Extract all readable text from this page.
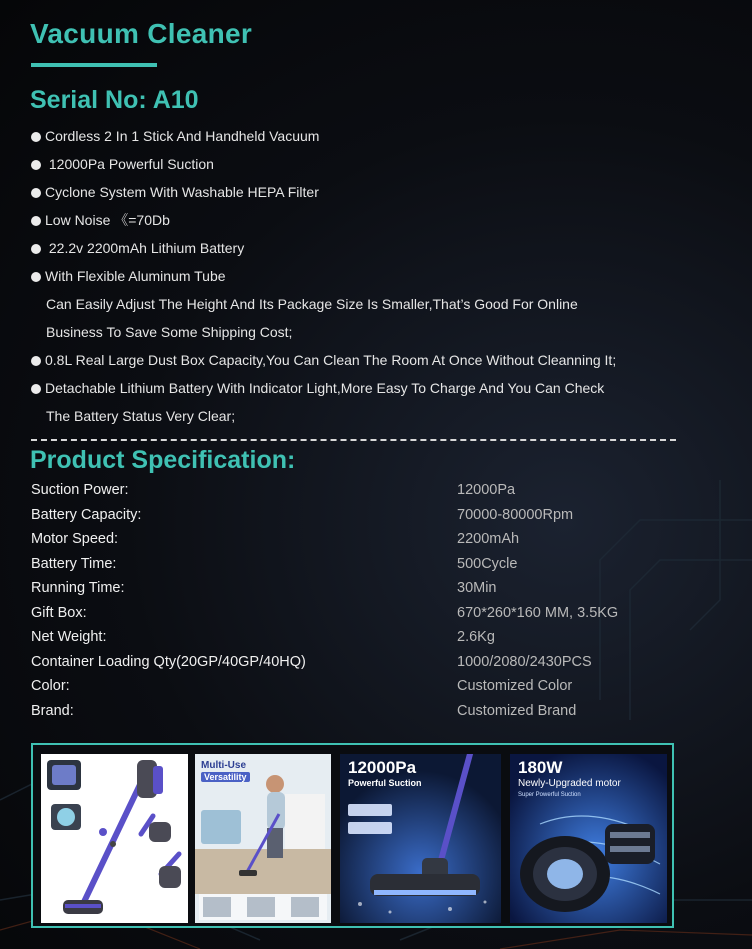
Vacuum Cleaner
Serial No: A10
Cordless 2 In 1 Stick And Handheld Vacuum
12000Pa Powerful Suction
Cyclone System With Washable HEPA Filter
Low Noise 《=70Db
22.2v 2200mAh Lithium Battery
With Flexible Aluminum Tube
Can Easily Adjust The Height And Its Package Size Is Smaller,That’s Good For Online
Business To Save Some Shipping Cost;
0.8L Real Large Dust Box Capacity,You Can Clean The Room At Once Without Cleanning It;
Detachable Lithium Battery With Indicator Light,More Easy To Charge And You Can Check
The Battery Status Very Clear;
Product Specification:
Suction Power:	12000Pa
Battery Capacity:	70000-80000Rpm
Motor Speed:	2200mAh
Battery Time:	500Cycle
Running Time:	30Min
Gift Box:	670*260*160 MM, 3.5KG
Net Weight:	2.6Kg
Container Loading Qty(20GP/40GP/40HQ)	1000/2080/2430PCS
Color:	Customized Color
Brand:	Customized Brand
Multi-Use
Versatility	12000Pa
Powerful Suction
180W
Newly-Upgraded motor
Super Powerful Suction
